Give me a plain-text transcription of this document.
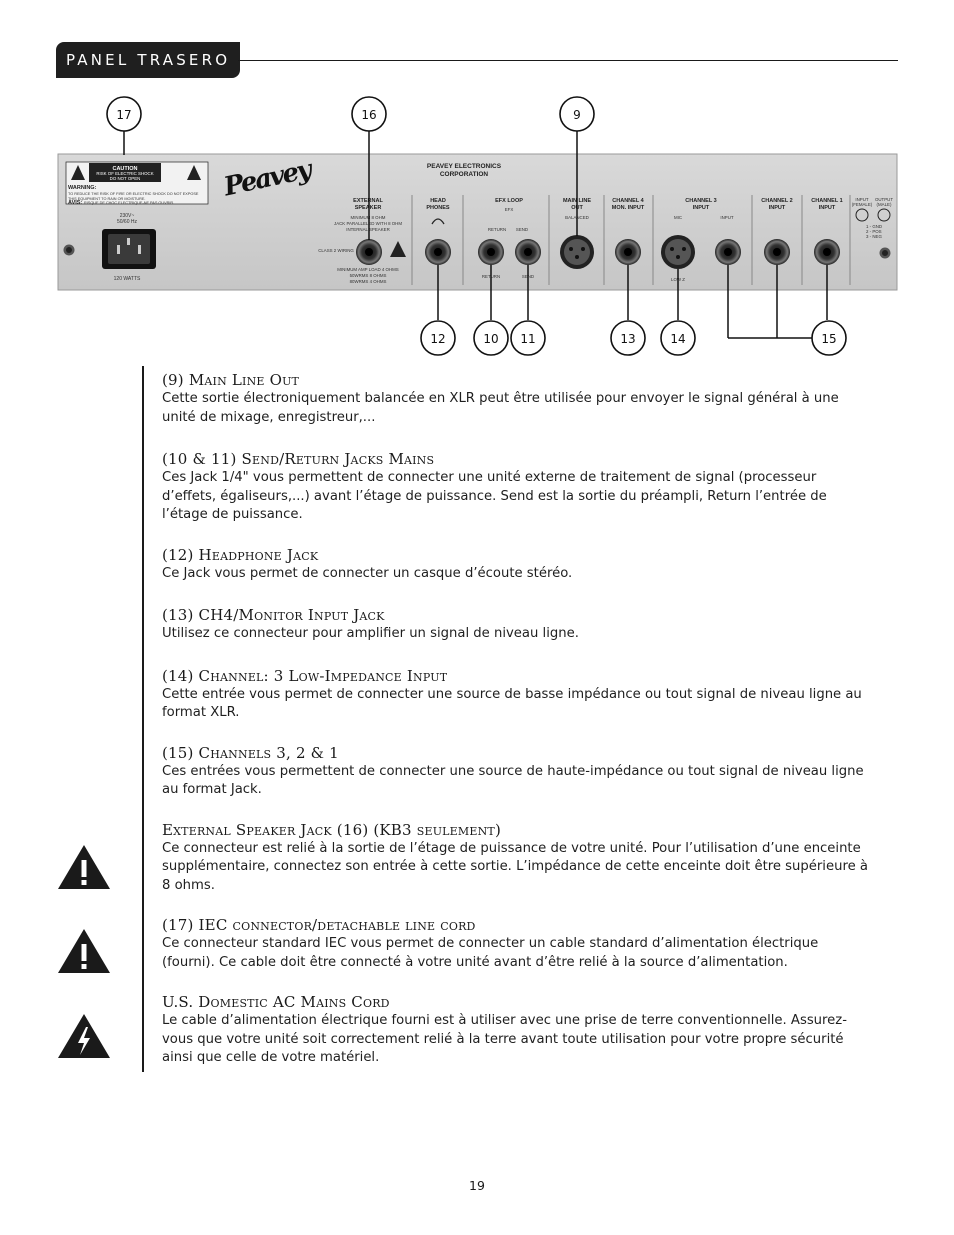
PANEL TRASERO
CAUTION
RISK OF ELECTRIC SHOCK
DO NOT OPEN
WARNING:
TO REDUCE THE RISK OF FIRE OR ELECTRIC SHOCK DO NOT EXPOSE
THIS EQUIPMENT TO RAIN OR MOISTURE.
AVIS: RISQUE DE CHOC ELECTRIQUE-NE PAS OUVRIR.
230V~
50/60 Hz
120 WATTS
Peavey	PEAVEY ELECTRONICS
CORPORATION
EXTERNAL
SPEAKER
MINIMUM 8 OHM
JACK PARALLELED WITH 8 OHM
INTERNAL SPEAKER
CLASS 2 WIRING
MINIMUM AMP LOAD 4 OHMS
50WRMS 8 OHMS
80WRMS 4 OHMS
HEAD
PHONES
EFX LOOP
EFX
RETURN SEND
RETURN	SEND
MAIN LINE
OUT
BALANCED
CHANNEL 4
MON. INPUT
CHANNEL 3
INPUT
MIC	INPUT
LOW Z
CHANNEL 2
INPUT
CHANNEL 1
INPUT
INPUT
(FEMALE)
OUTPUT
(MALE)
1 - GND
2 - POS
3 - NEG
17	16	9
12	10 11	13	14	15
(9) Main Line Out

Cette sortie électroniquement balancée en XLR peut être utilisée pour envoyer le signal général à une unité de mixage, enregistreur,...

(10 & 11) Send/Return Jacks Mains

Ces Jack 1/4" vous permettent de connecter une unité externe de traitement de signal (processeur d’effets, égaliseurs,...) avant l’étage de puissance. Send est la sortie du préampli, Return l’entrée de l’étage de puissance.

(12) Headphone Jack

Ce Jack vous permet de connecter un casque d’écoute stéréo.

(13) CH4/Monitor Input Jack

Utilisez ce connecteur pour amplifier un signal de niveau ligne.

(14) Channel: 3 Low-Impedance Input

Cette entrée vous permet de connecter une source de basse impédance ou tout signal de niveau ligne au format XLR.

(15) Channels 3, 2 & 1

Ces entrées vous permettent de connecter une source de haute-impédance ou tout signal de niveau ligne au format Jack.

External Speaker Jack (16) (KB3 seulement)

Ce connecteur est relié à la sortie de l’étage de puissance de votre unité. Pour l’utilisation d’une enceinte supplémentaire, connectez son entrée à cette sortie. L’impédance de cette enceinte doit être supérieure à 8 ohms.

(17) IEC connector/detachable line cord

Ce connecteur standard IEC vous permet de connecter un cable standard d’alimentation électrique (fourni). Ce cable doit être connecté à votre unité avant d’être relié à la source d’alimentation.

U.S. Domestic AC Mains Cord

Le cable d’alimentation électrique fourni est à utiliser avec une prise de terre conventionnelle. Assurez-vous que votre unité soit correctement relié à la terre avant toute utilisation pour votre propre sécurité ainsi que celle de votre matériel.

19
